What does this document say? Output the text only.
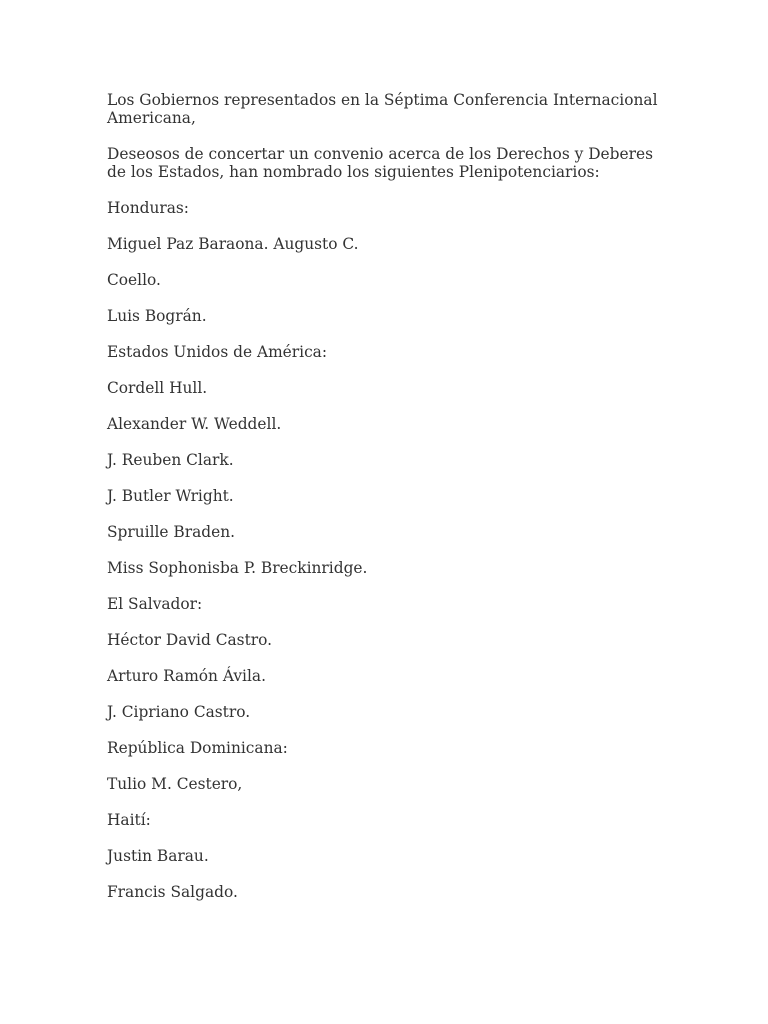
Los Gobiernos representados en la Séptima Conferencia Internacional Americana,

Deseosos de concertar un convenio acerca de los Derechos y Deberes de los Estados, han nombrado los siguientes Plenipotenciarios:

Honduras:

Miguel Paz Baraona. Augusto C.

Coello.

Luis Bográn.

Estados Unidos de América:

Cordell Hull.

Alexander W. Weddell.

J. Reuben Clark.

J. Butler Wright.

Spruille Braden.

Miss Sophonisba P. Breckinridge.

El Salvador:

Héctor David Castro.

Arturo Ramón Ávila.

J. Cipriano Castro.

República Dominicana:

Tulio M. Cestero,

Haití:

Justin Barau.

Francis Salgado.
